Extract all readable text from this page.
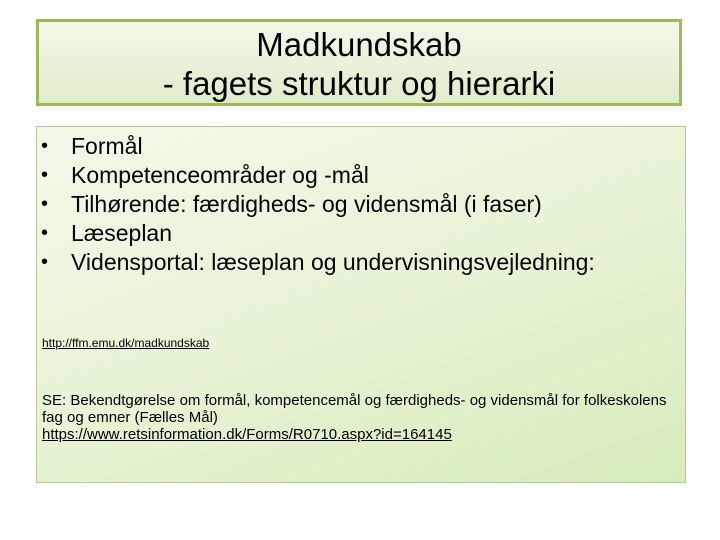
Madkundskab
- fagets struktur og hierarki
• Formål
• Kompetenceområder og -mål
• Tilhørende: færdigheds- og vidensmål (i faser)
• Læseplan
• Vidensportal: læseplan og undervisningsvejledning:
http://ffm.emu.dk/madkundskab
SE: Bekendtgørelse om formål, kompetencemål og færdigheds- og vidensmål for folkeskolens fag og emner (Fælles Mål)
https://www.retsinformation.dk/Forms/R0710.aspx?id=164145
